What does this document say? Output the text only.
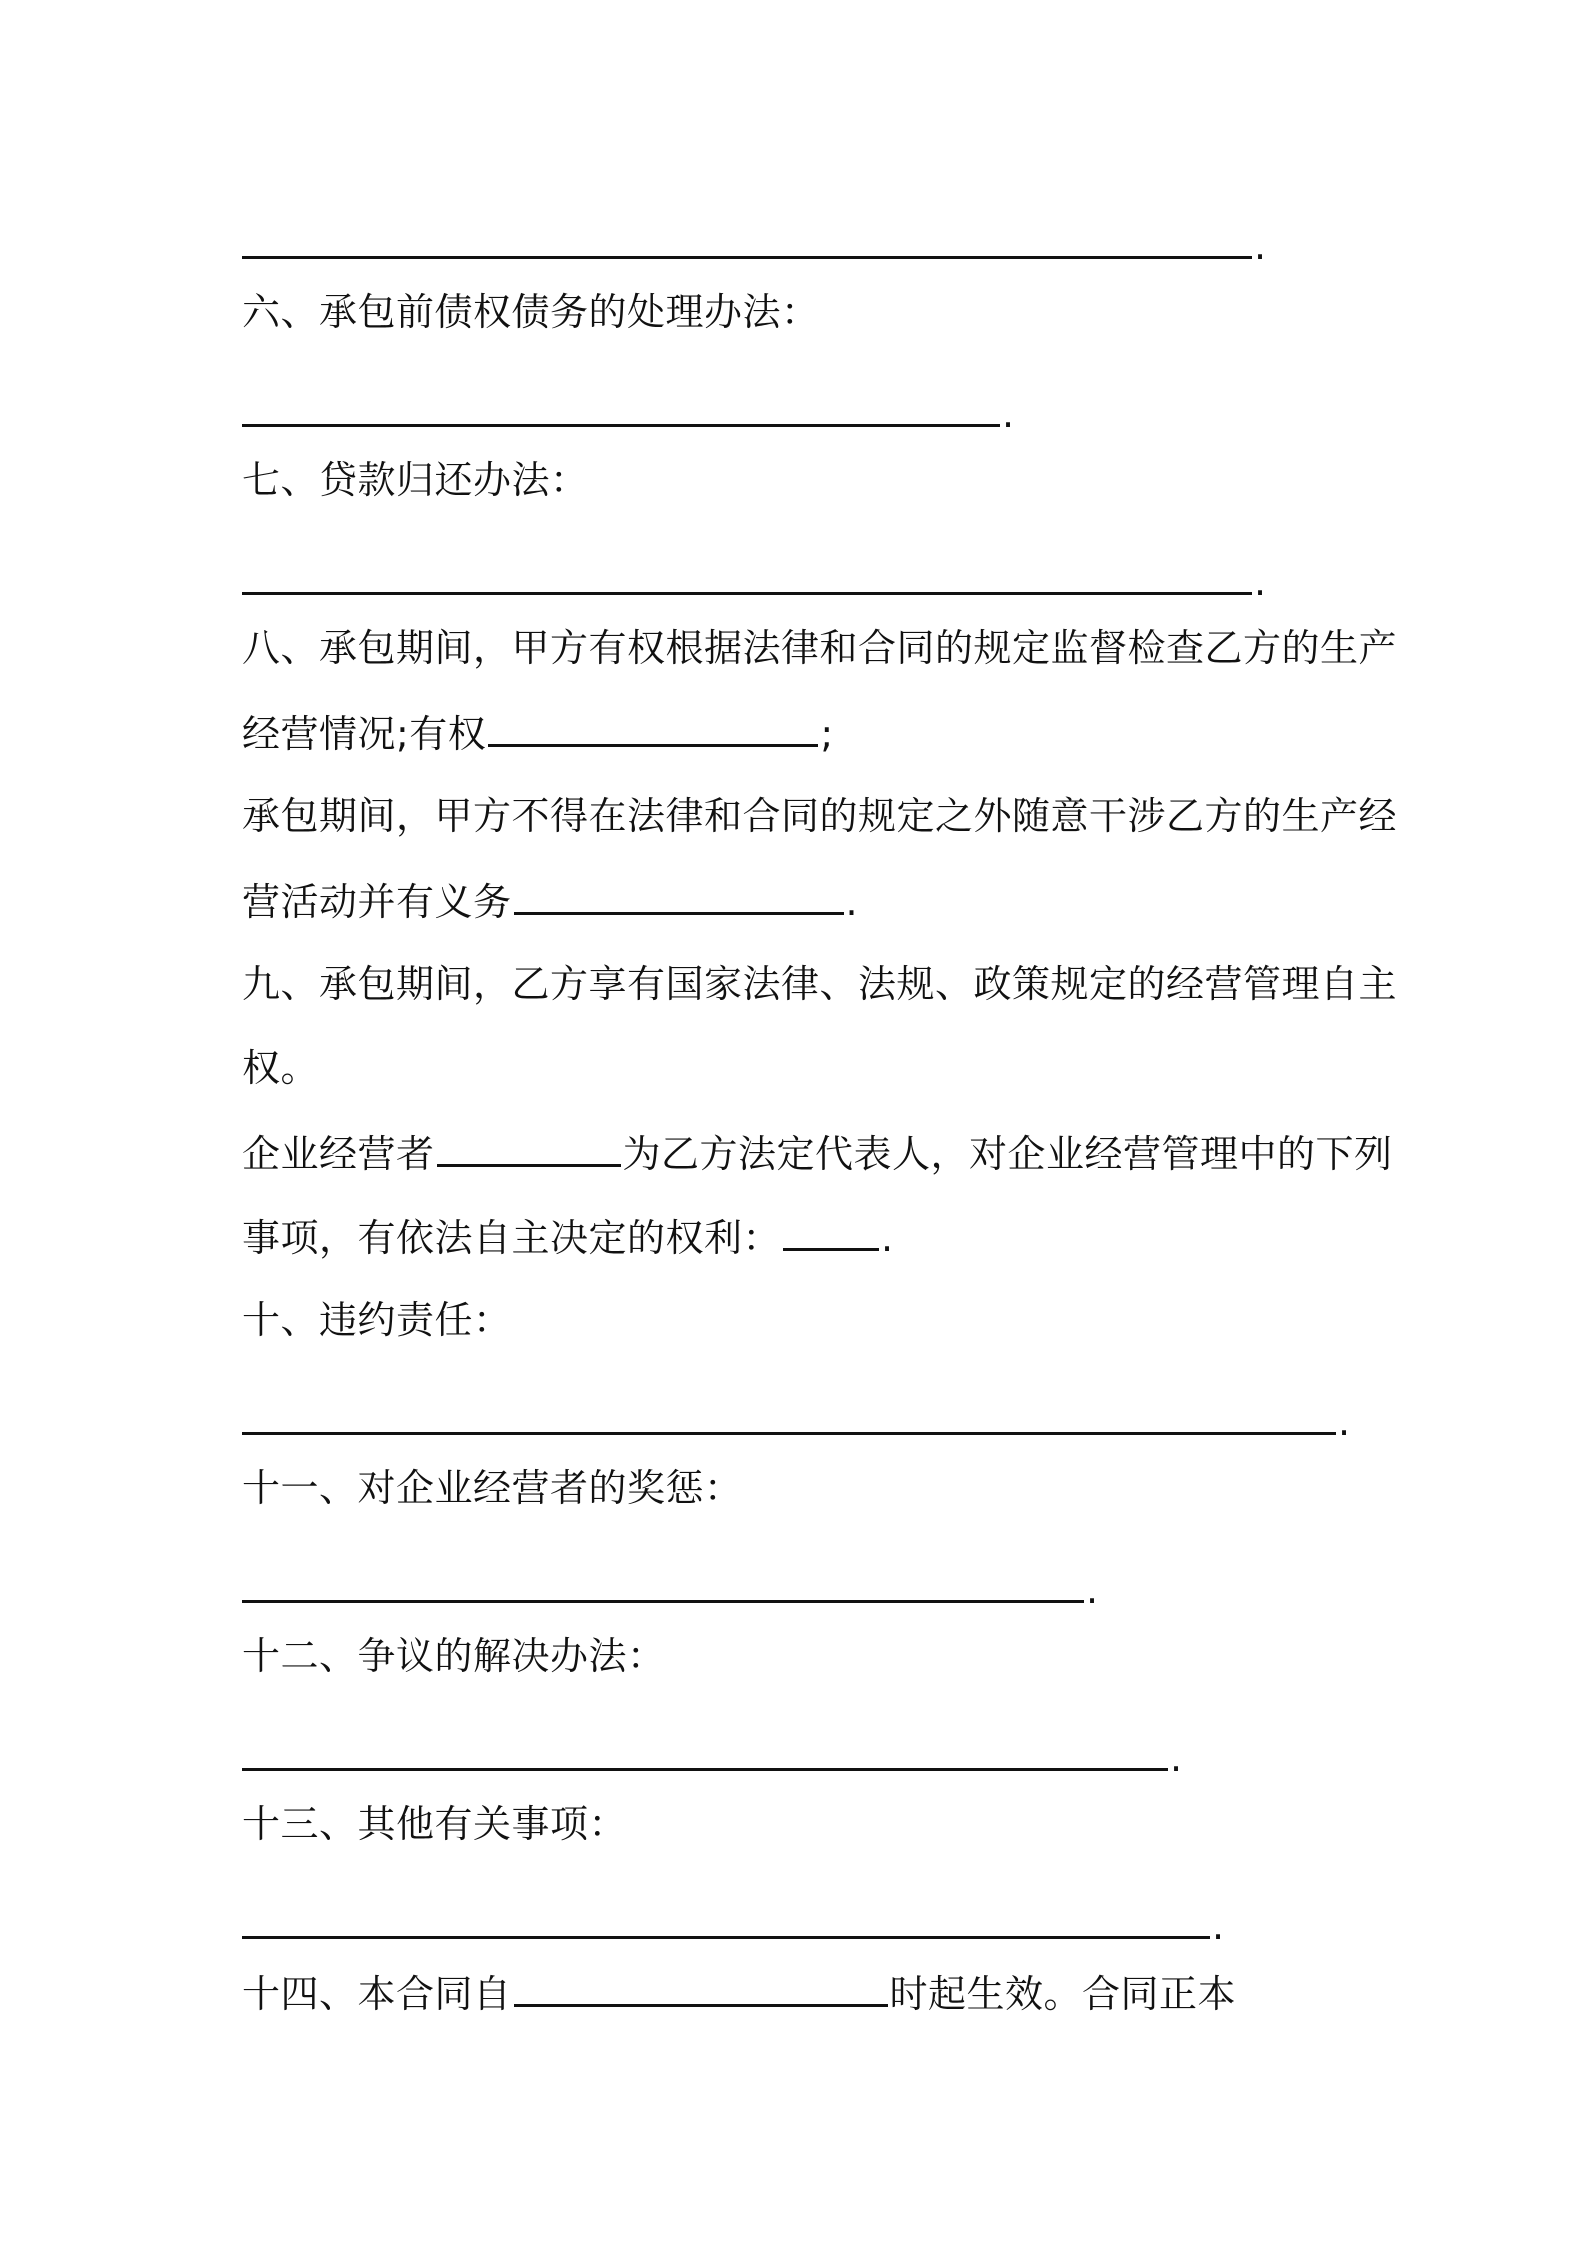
.
六、承包前债权债务的处理办法：
.
七、贷款归还办法：
.
八、承包期间，甲方有权根据法律和合同的规定监督检查乙方的生产
经营情况;有权	;
承包期间，甲方不得在法律和合同的规定之外随意干涉乙方的生产经
营活动并有义务	.
九、承包期间，乙方享有国家法律、法规、政策规定的经营管理自主
权。
企业经营者	为乙方法定代表人，对企业经营管理中的下列
事项，有依法自主决定的权利：	.
十、违约责任：
.
十一、对企业经营者的奖惩：
.
十二、争议的解决办法：
.
十三、其他有关事项：
.
十四、本合同自	时起生效。合同正本
